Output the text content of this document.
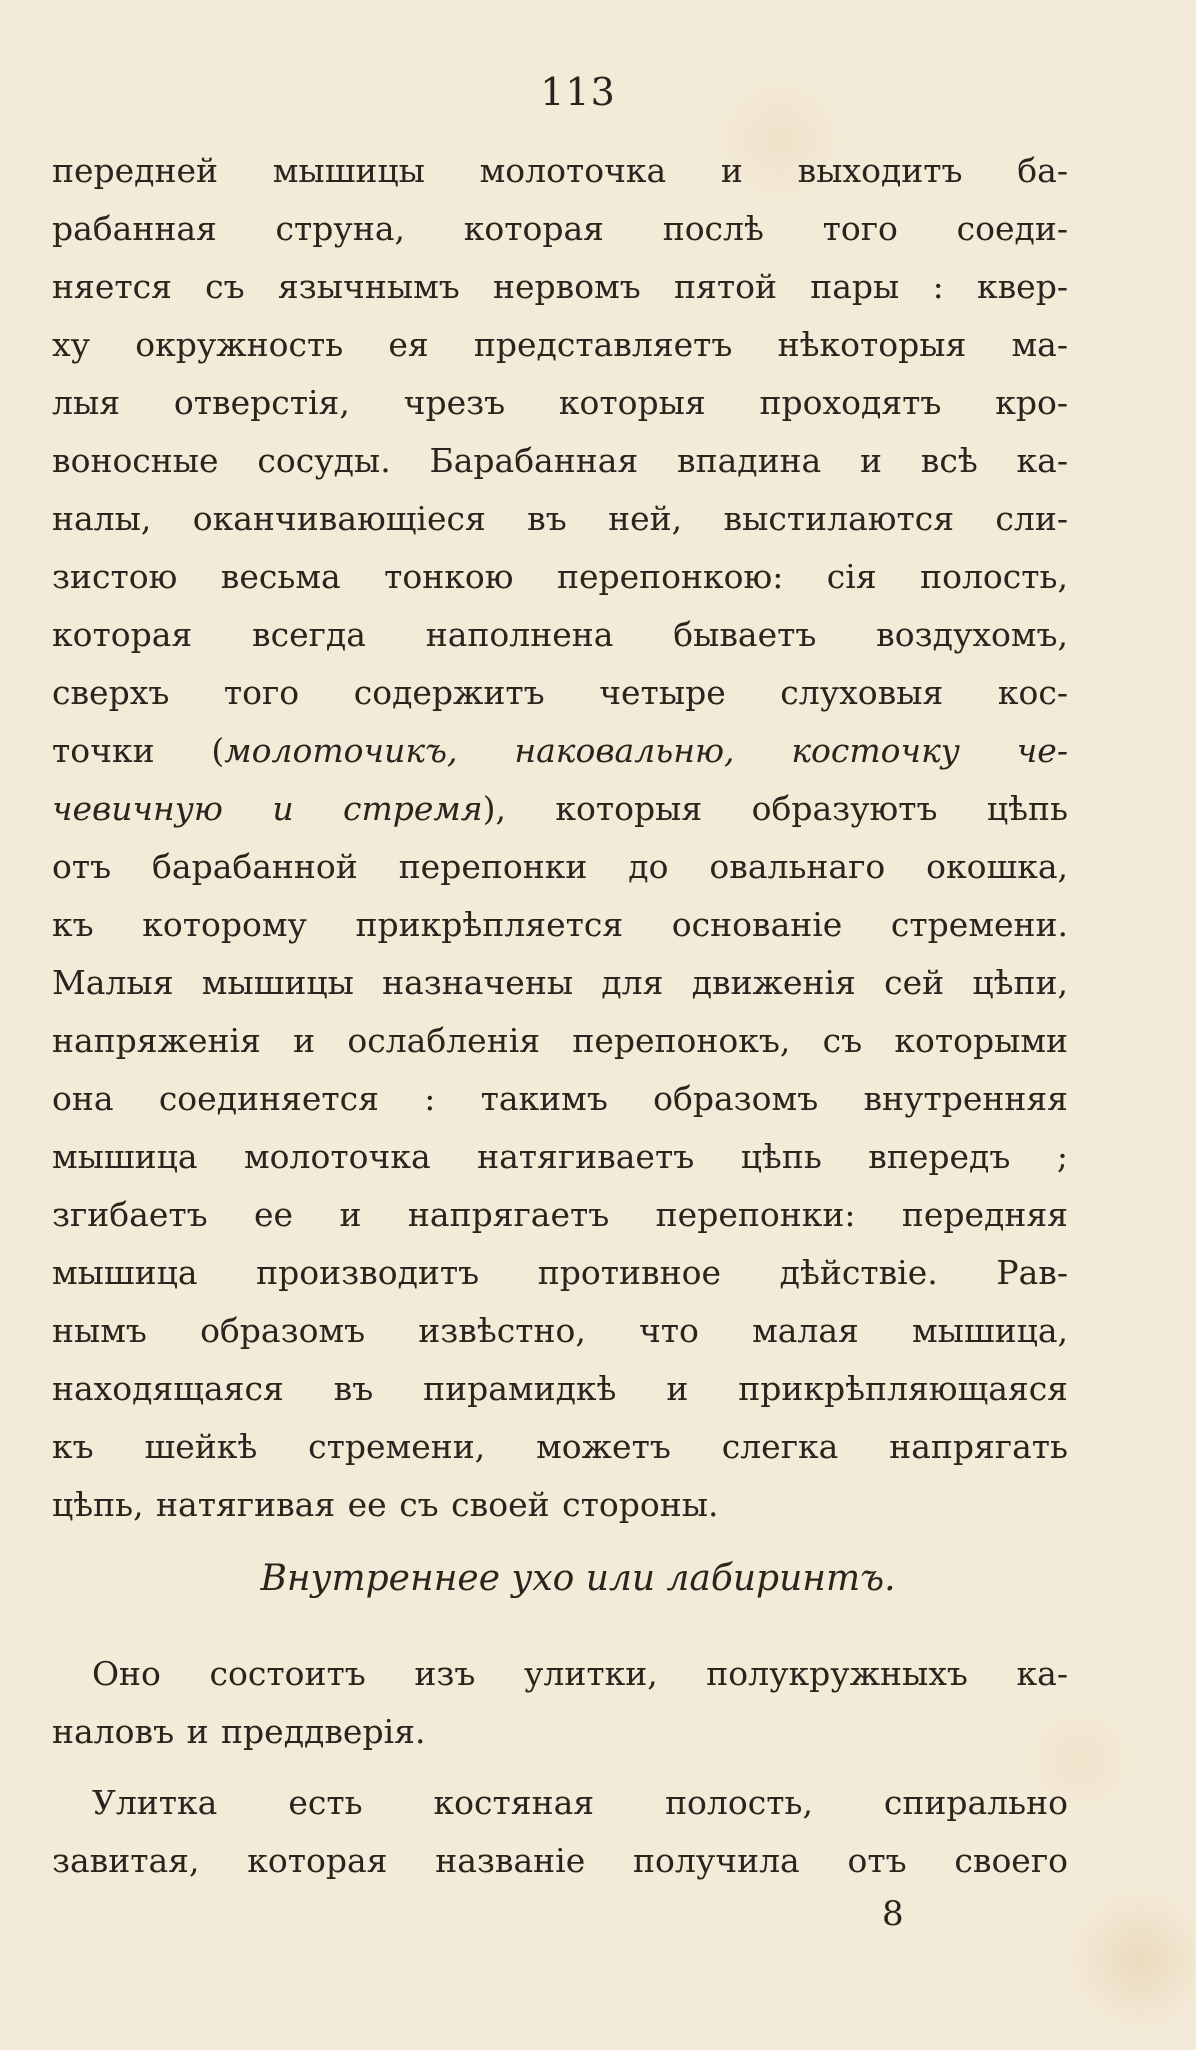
113
передней мышицы молоточка и выходитъ ба-
рабанная струна, которая послѣ того соеди-
няется съ язычнымъ нервомъ пятой пары : квер-
ху окружность ея представляетъ нѣкоторыя ма-
лыя отверстія, чрезъ которыя проходятъ кро-
воносные сосуды. Барабанная впадина и всѣ ка-
налы, оканчивающіеся въ ней, выстилаются сли-
зистою весьма тонкою перепонкою: сія полость,
которая всегда наполнена бываетъ воздухомъ,
сверхъ того содержитъ четыре слуховыя кос-
точки (молоточикъ, наковальню, косточку че-
чевичную и стремя), которыя образуютъ цѣпь
отъ барабанной перепонки до овальнаго окошка,
къ которому прикрѣпляется основаніе стремени.
Малыя мышицы назначены для движенія сей цѣпи,
напряженія и ослабленія перепонокъ, съ которыми
она соединяется : такимъ образомъ внутренняя
мышица молоточка натягиваетъ цѣпь впередъ ;
згибаетъ ее и напрягаетъ перепонки: передняя
мышица производитъ противное дѣйствіе. Рав-
нымъ образомъ извѣстно, что малая мышица,
находящаяся въ пирамидкѣ и прикрѣпляющаяся
къ шейкѣ стремени, можетъ слегка напрягать
цѣпь, натягивая ее съ своей стороны.
Внутреннее ухо или лабиринтъ.
Оно состоитъ изъ улитки, полукружныхъ ка-
наловъ и преддверія.
Улитка есть костяная полость, спирально
завитая, которая названіе получила отъ своего
8
